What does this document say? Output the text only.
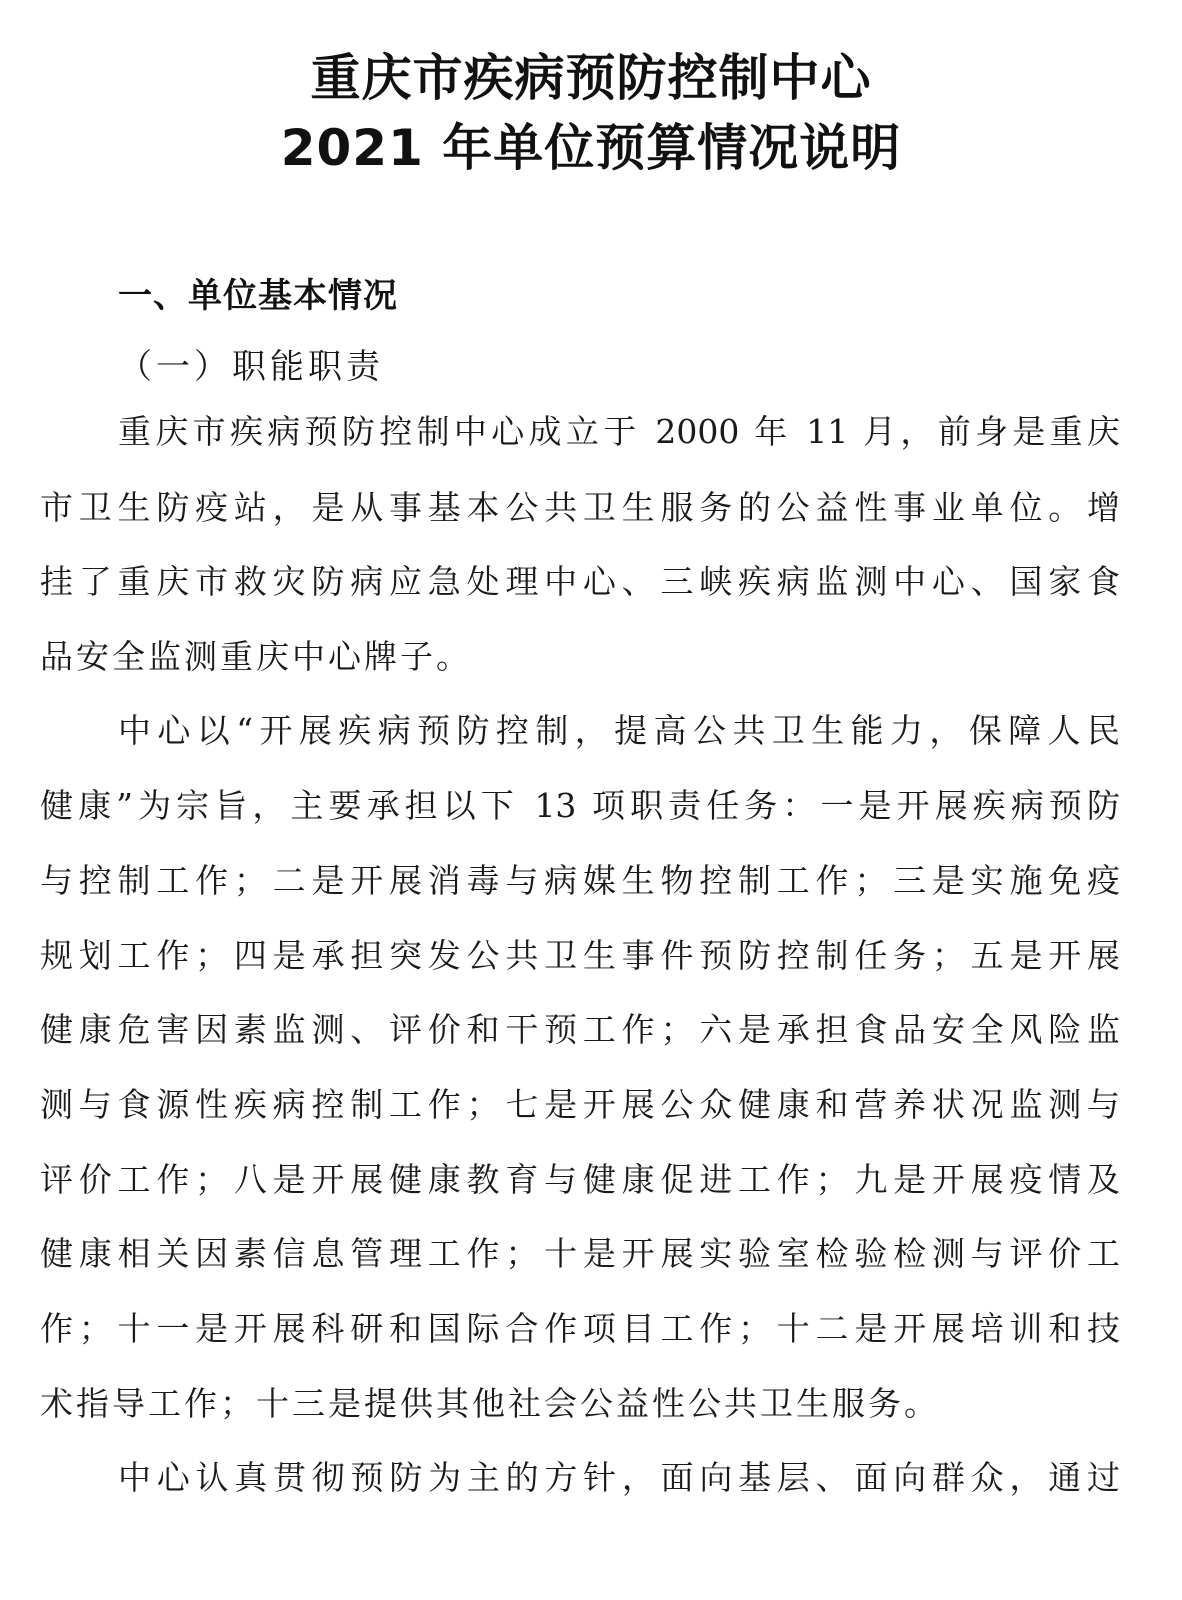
重庆市疾病预防控制中心
2021 年单位预算情况说明
一、单位基本情况
（一）职能职责
重庆市疾病预防控制中心成立于 2000 年 11 月，前身是重庆
市卫生防疫站，是从事基本公共卫生服务的公益性事业单位。增
挂了重庆市救灾防病应急处理中心、三峡疾病监测中心、国家食
品安全监测重庆中心牌子。
中心以“开展疾病预防控制，提高公共卫生能力，保障人民
健康”为宗旨，主要承担以下 13 项职责任务：一是开展疾病预防
与控制工作；二是开展消毒与病媒生物控制工作；三是实施免疫
规划工作；四是承担突发公共卫生事件预防控制任务；五是开展
健康危害因素监测、评价和干预工作；六是承担食品安全风险监
测与食源性疾病控制工作；七是开展公众健康和营养状况监测与
评价工作；八是开展健康教育与健康促进工作；九是开展疫情及
健康相关因素信息管理工作；十是开展实验室检验检测与评价工
作；十一是开展科研和国际合作项目工作；十二是开展培训和技
术指导工作；十三是提供其他社会公益性公共卫生服务。
中心认真贯彻预防为主的方针，面向基层、面向群众，通过
